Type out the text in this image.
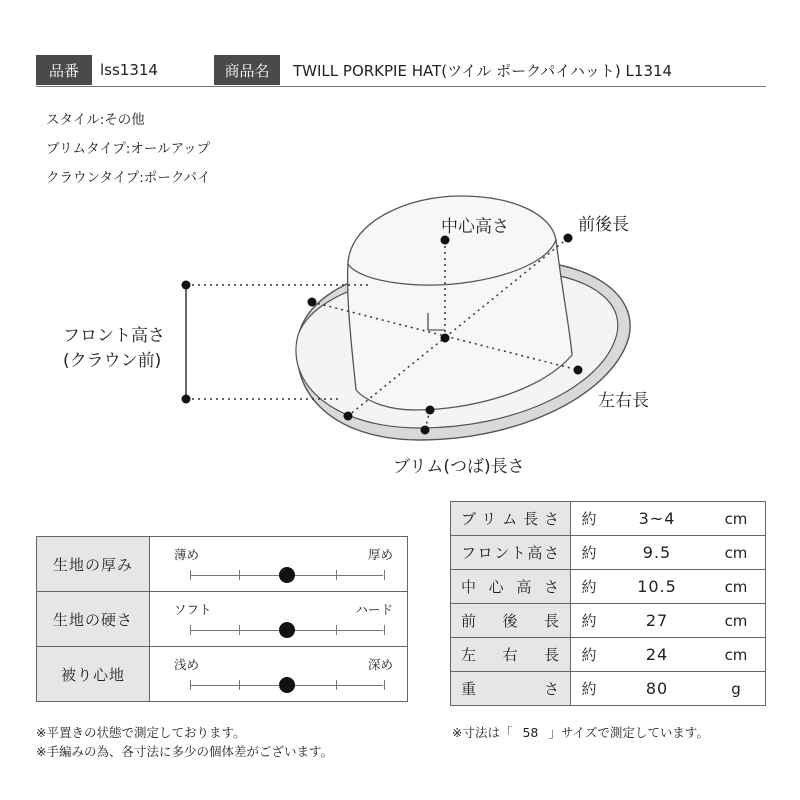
品番	lss1314	商品名	TWILL PORKPIE HAT(ツイル ポークパイハット) L1314
スタイル:その他
ブリムタイプ:オールアップ
クラウンタイプ:ポークパイ
中心高さ	前後長
フロント高さ
(クラウン前)
左右長
ブリム(つば)長さ
生地の厚み
薄め	厚め
生地の硬さ
ソフト	ハード
被り心地
浅め	深め
ブリム長さ	約	3~4	cm
フロント高さ	約	9.5	cm
中心高さ	約	10.5	cm
前後長	約	27	cm
左右長	約	24	cm
重さ	約	80	g
※平置きの状態で測定しております。
※手編みの為、各寸法に多少の個体差がございます。
※寸法は「 58 」サイズで測定しています。
